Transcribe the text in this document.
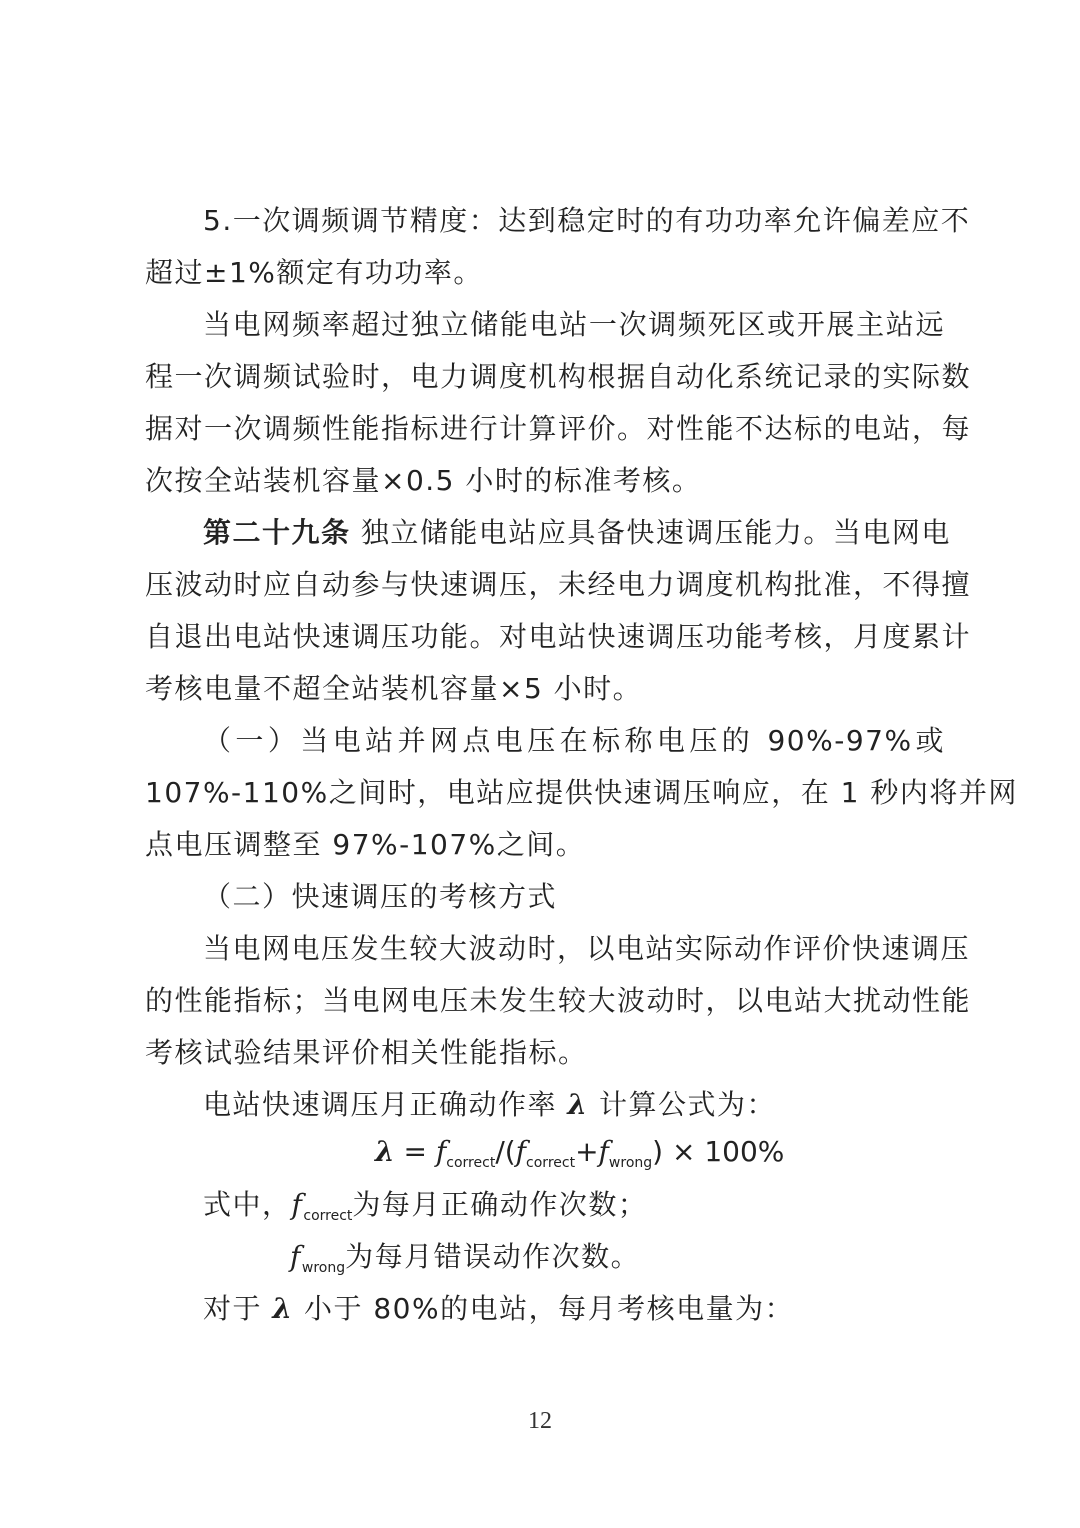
5.一次调频调节精度：达到稳定时的有功功率允许偏差应不
超过±1%额定有功功率。
当电网频率超过独立储能电站一次调频死区或开展主站远
程一次调频试验时，电力调度机构根据自动化系统记录的实际数
据对一次调频性能指标进行计算评价。对性能不达标的电站，每
次按全站装机容量×0.5 小时的标准考核。
第二十九条 独立储能电站应具备快速调压能力。当电网电
压波动时应自动参与快速调压，未经电力调度机构批准，不得擅
自退出电站快速调压功能。对电站快速调压功能考核，月度累计
考核电量不超全站装机容量×5 小时。
（一）当电站并网点电压在标称电压的 90%-97%或
107%-110%之间时，电站应提供快速调压响应，在 1 秒内将并网
点电压调整至 97%-107%之间。
（二）快速调压的考核方式
当电网电压发生较大波动时，以电站实际动作评价快速调压
的性能指标；当电网电压未发生较大波动时，以电站大扰动性能
考核试验结果评价相关性能指标。
电站快速调压月正确动作率 λ 计算公式为：
$\lambda = f_{correct}/(f_{correct}+f_{wrong}) \times 100\%$
式中，$f_{correct}$为每月正确动作次数；
$f_{wrong}$为每月错误动作次数。
对于 λ 小于 80%的电站，每月考核电量为：
12
